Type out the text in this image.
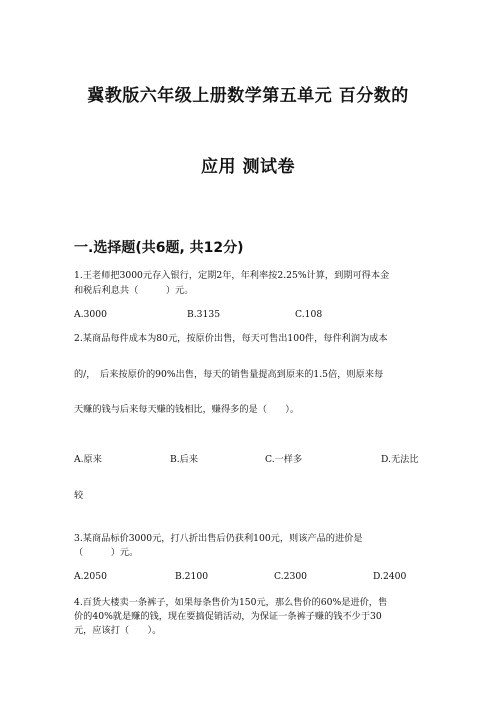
冀教版六年级上册数学第五单元 百分数的
应用 测试卷
一.选择题(共6题, 共12分)
1.王老师把3000元存入银行，定期2年，年利率按2.25%计算，到期可得本金
和税后利息共（　　　）元。
A.3000	B.3135	C.108
2.某商品每件成本为80元，按原价出售，每天可售出100件，每件利润为成本
的/，　后来按原价的90%出售，每天的销售量提高到原来的1.5倍，则原来每
天赚的钱与后来每天赚的钱相比，赚得多的是（　　）。
A.原来	B.后来	C.一样多	D.无法比
较
3.某商品标价3000元，打八折出售后仍获利100元，则该产品的进价是
（　　　）元。
A.2050	B.2100	C.2300	D.2400
4.百货大楼卖一条裤子，如果每条售价为150元，那么售价的60%是进价，售
价的40%就是赚的钱，现在要搞促销活动，为保证一条裤子赚的钱不少于30
元，应该打（　　）。
